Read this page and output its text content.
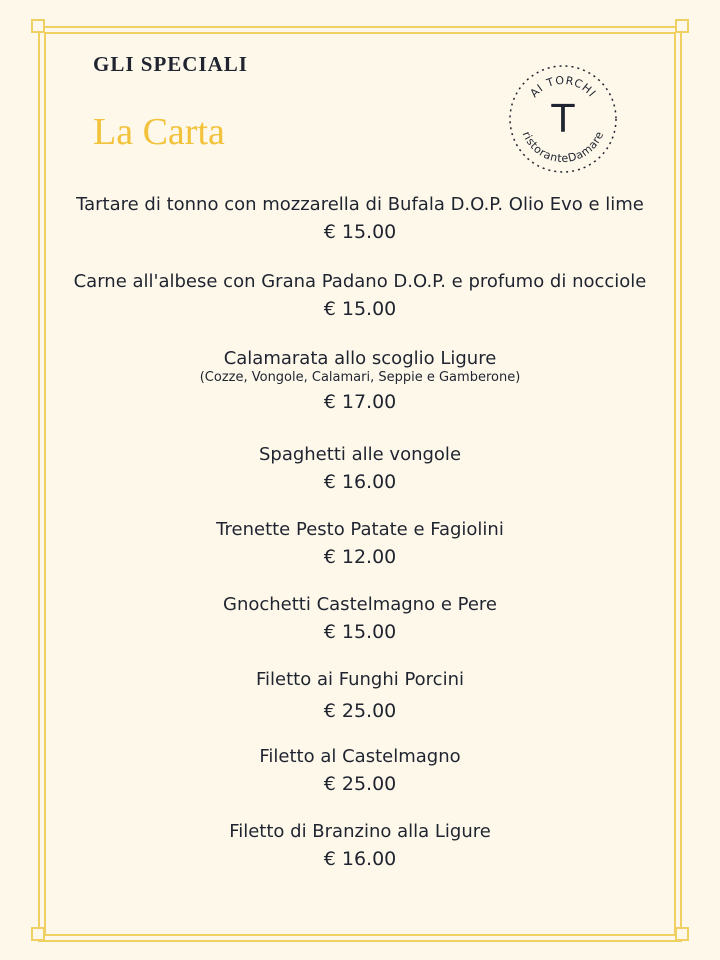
GLI SPECIALI
La Carta
AI TORCHI
T
ristoranteDamare
Tartare di tonno con mozzarella di Bufala D.O.P. Olio Evo e lime
€ 15.00
Carne all'albese con Grana Padano D.O.P. e profumo di nocciole
€ 15.00
Calamarata allo scoglio Ligure
(Cozze, Vongole, Calamari, Seppie e Gamberone)
€ 17.00
Spaghetti alle vongole
€ 16.00
Trenette Pesto Patate e Fagiolini
€ 12.00
Gnochetti Castelmagno e Pere
€ 15.00
Filetto ai Funghi Porcini
€ 25.00
Filetto al Castelmagno
€ 25.00
Filetto di Branzino alla Ligure
€ 16.00
